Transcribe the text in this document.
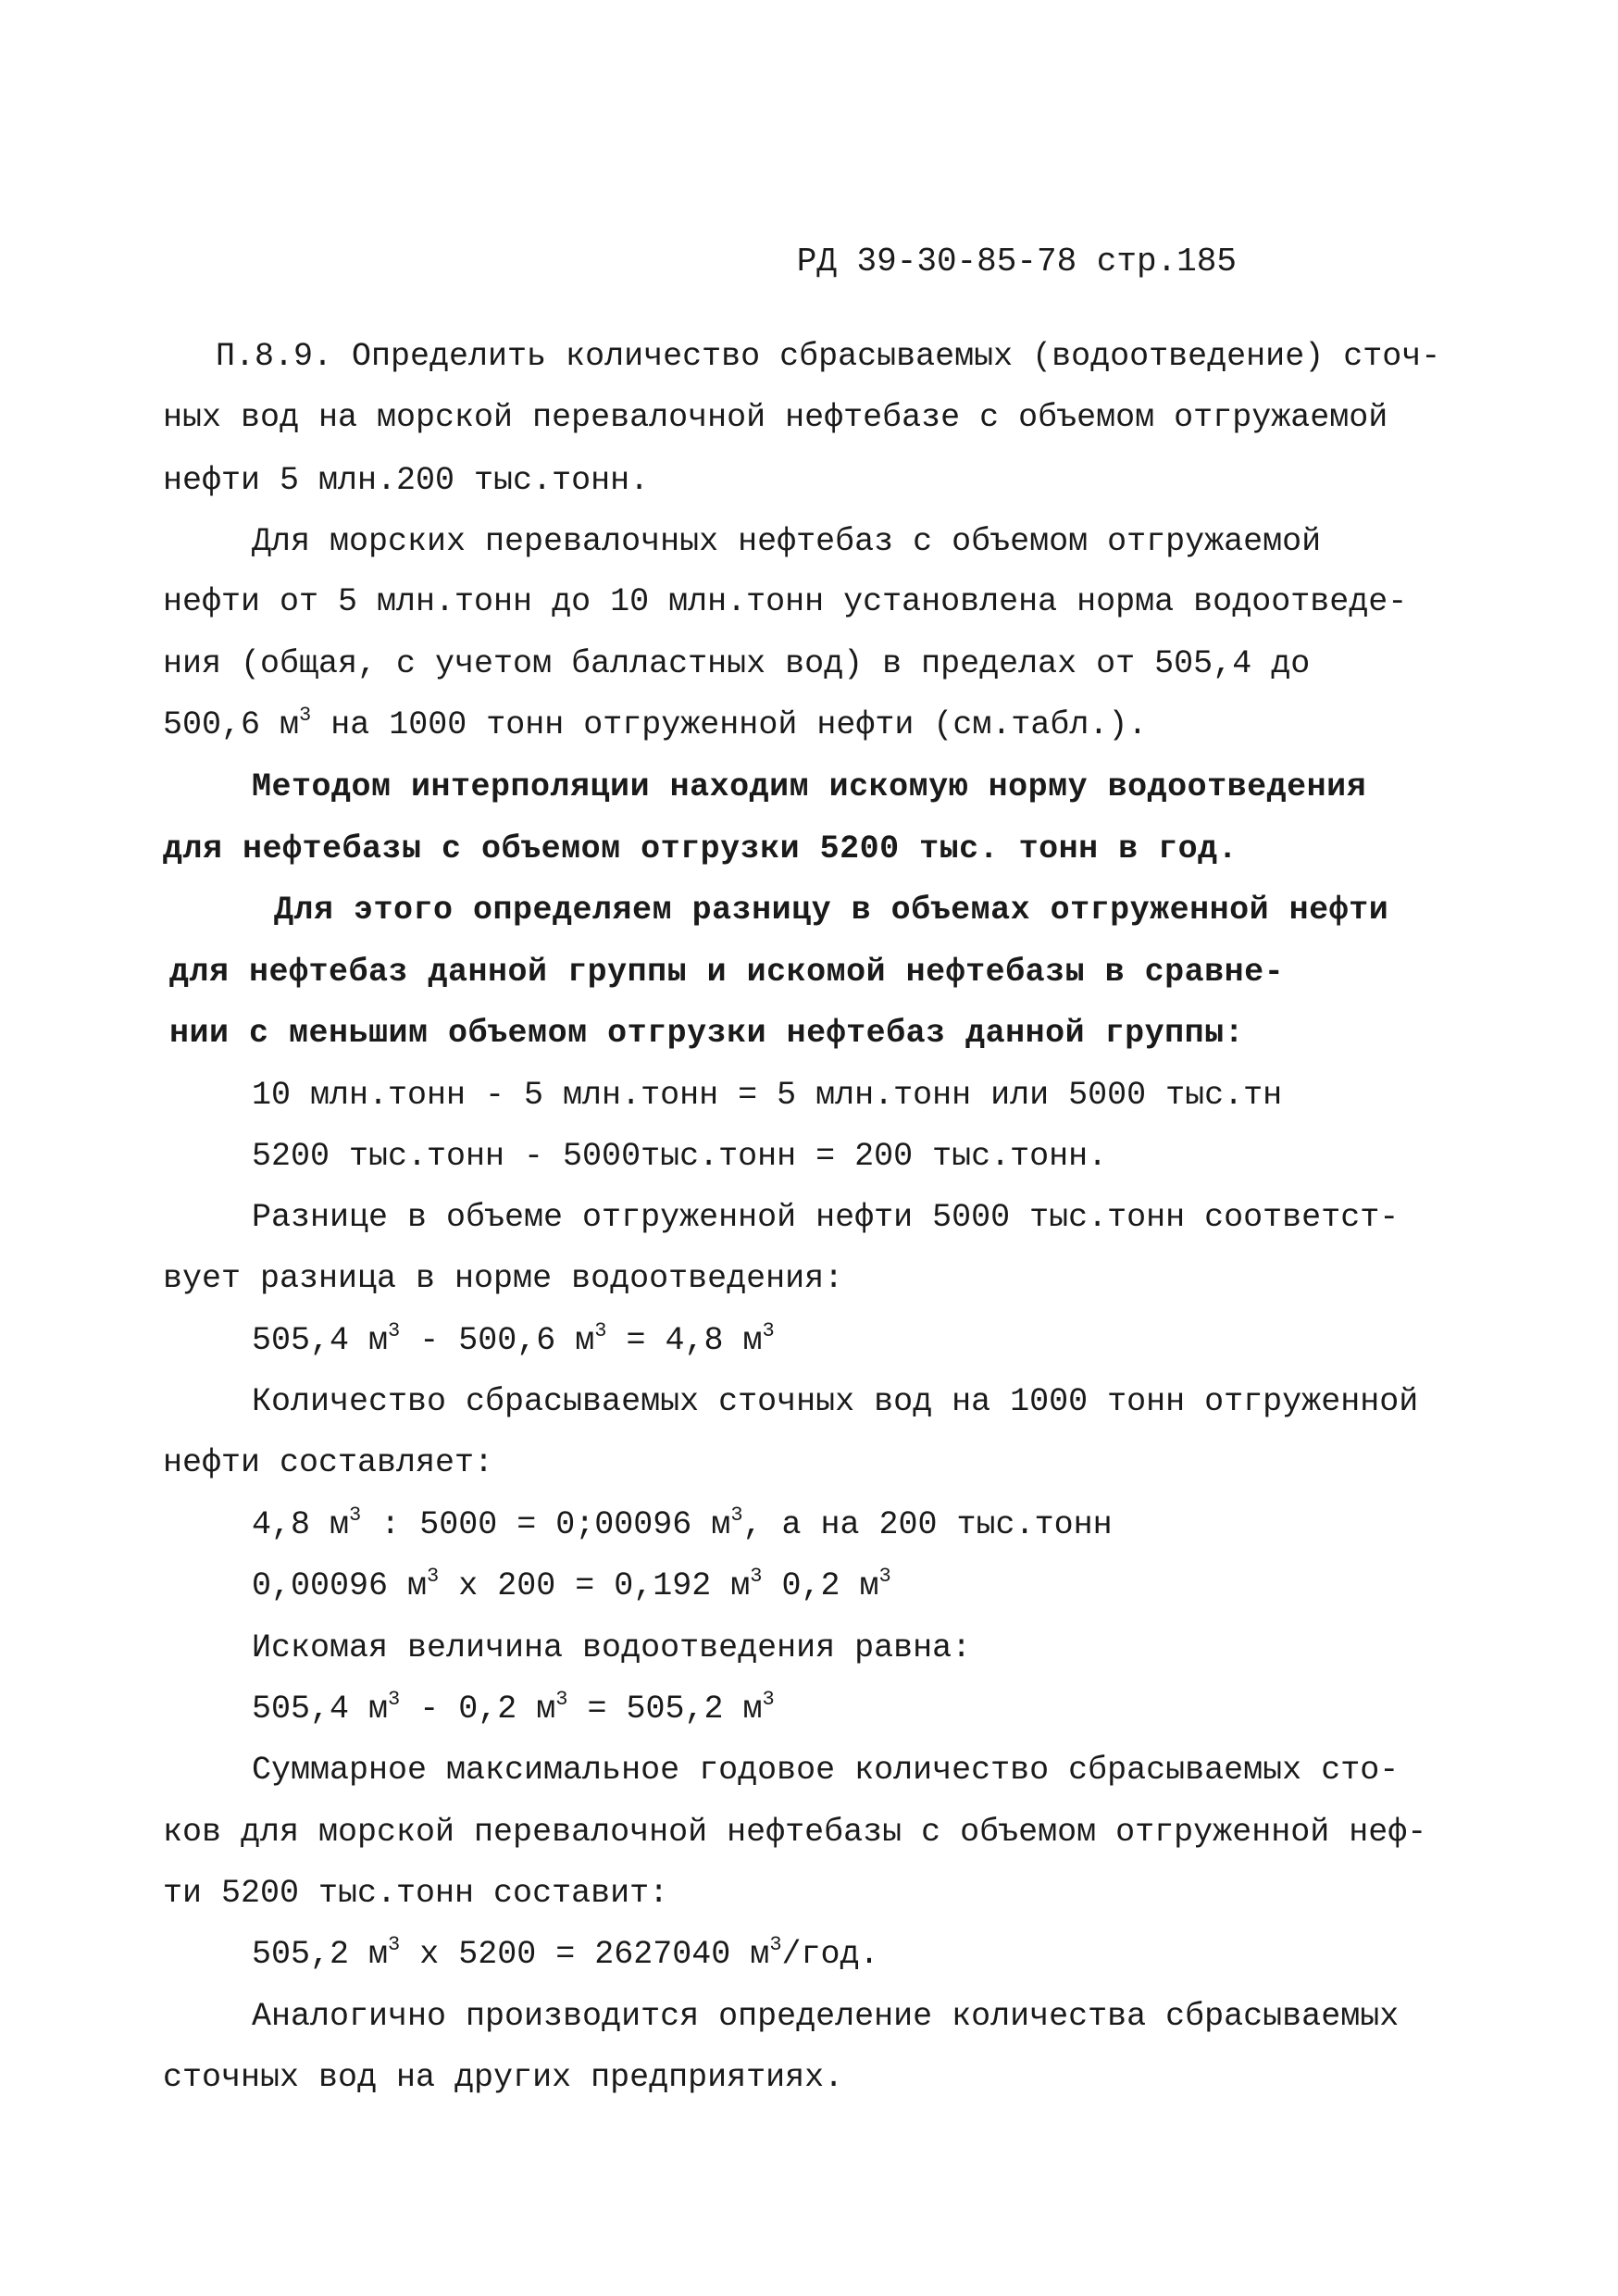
РД 39-30-85-78 стр.185
П.8.9. Определить количество сбрасываемых (водоотведение) сточ-
ных вод на морской перевалочной нефтебазе с объемом отгружаемой
нефти 5 млн.200 тыс.тонн.
Для морских перевалочных нефтебаз с объемом отгружаемой
нефти от 5 млн.тонн до 10 млн.тонн установлена норма водоотведе-
ния (общая, с учетом балластных вод) в пределах от 505,4 до
500,6 $м^3$ на 1000 тонн отгруженной нефти (см.табл.).
Методом интерполяции находим искомую норму водоотведения
для нефтебазы с объемом отгрузки 5200 тыс. тонн в год.
Для этого определяем разницу в объемах отгруженной нефти
для нефтебаз данной группы и искомой нефтебазы в сравне-
нии с меньшим объемом отгрузки нефтебаз данной группы:
10 млн.тонн - 5 млн.тонн = 5 млн.тонн или 5000 тыс.тн
5200 тыс.тонн - 5000тыс.тонн = 200 тыс.тонн.
Разнице в объеме отгруженной нефти 5000 тыс.тонн соответст-
вует разница в норме водоотведения:
505,4 $м^3 - 500,6$ $м^3 = 4,8$ $м^3$
Количество сбрасываемых сточных вод на 1000 тонн отгруженной
нефти составляет:
4,8 $м^3$ : 5000 = 0;00096 $м^3$, а на 200 тыс.тонн
0,00096 $м^3$ х 200 = 0,192 $м^3$ 0,2 $м^3$
Искомая величина водоотведения равна:
505,4 $м^3 - 0,2$ $м^3 = 505,2$ $м^3$
Суммарное максимальное годовое количество сбрасываемых сто-
ков для морской перевалочной нефтебазы с объемом отгруженной неф-
ти 5200 тыс.тонн составит:
505,2 $м^3$ х 5200 = 2627040 $м^3$/год.
Аналогично производится определение количества сбрасываемых
сточных вод на других предприятиях.
